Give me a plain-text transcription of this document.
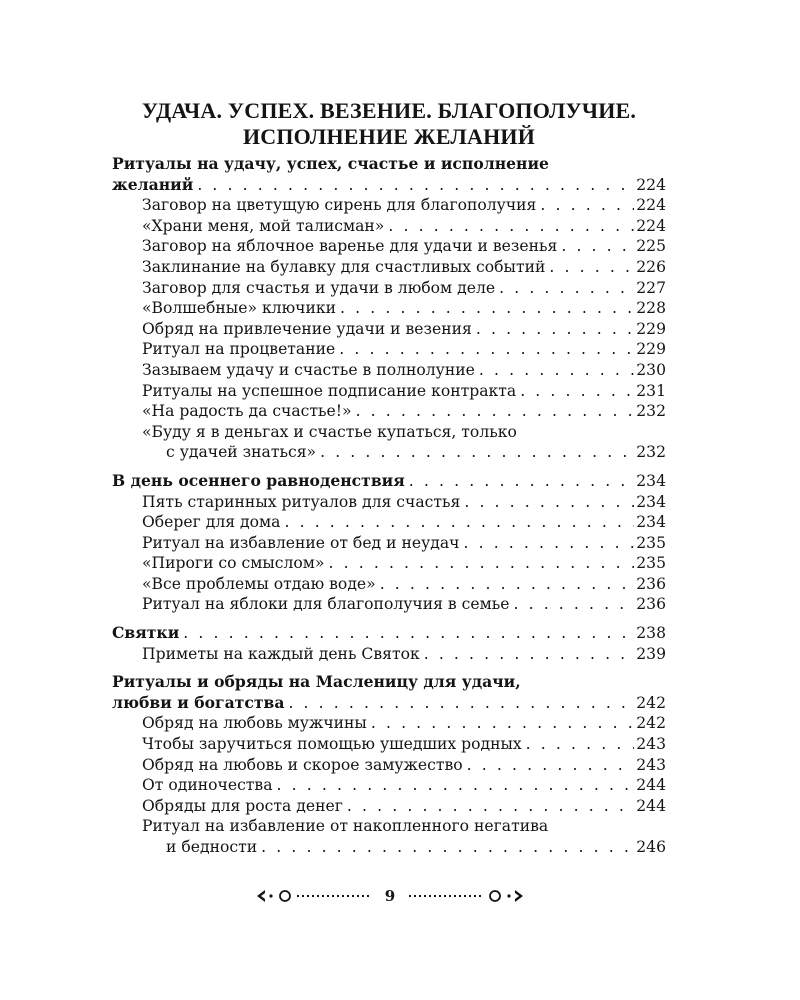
УДАЧА. УСПЕХ. ВЕЗЕНИЕ. БЛАГОПОЛУЧИЕ.
ИСПОЛНЕНИЕ ЖЕЛАНИЙ
Ритуалы на удачу, успех, счастье и исполнение
желаний . . .	224
Заговор на цветущую сирень для благополучия . . .	224
«Храни меня, мой талисман» . . .	224
Заговор на яблочное варенье для удачи и везенья . . .	225
Заклинание на булавку для счастливых событий . . .	226
Заговор для счастья и удачи в любом деле . . .	227
«Волшебные» ключики . . .	228
Обряд на привлечение удачи и везения . . .	229
Ритуал на процветание . . .	229
Зазываем удачу и счастье в полнолуние . . .	230
Ритуалы на успешное подписание контракта . . .	231
«На радость да счастье!» . . .	232
«Буду я в деньгах и счастье купаться, только
с удачей знаться» . . .	232
В день осеннего равноденствия . . .	234
Пять старинных ритуалов для счастья . . .	234
Оберег для дома . . .	234
Ритуал на избавление от бед и неудач . . .	235
«Пироги со смыслом» . . .	235
«Все проблемы отдаю воде» . . .	236
Ритуал на яблоки для благополучия в семье . . .	236
Святки . . .	238
Приметы на каждый день Святок . . .	239
Ритуалы и обряды на Масленицу для удачи,
любви и богатства . . .	242
Обряд на любовь мужчины . . .	242
Чтобы заручиться помощью ушедших родных . . .	243
Обряд на любовь и скорое замужество . . .	243
От одиночества . . .	244
Обряды для роста денег . . .	244
Ритуал на избавление от накопленного негатива
и бедности . . .	246
9
